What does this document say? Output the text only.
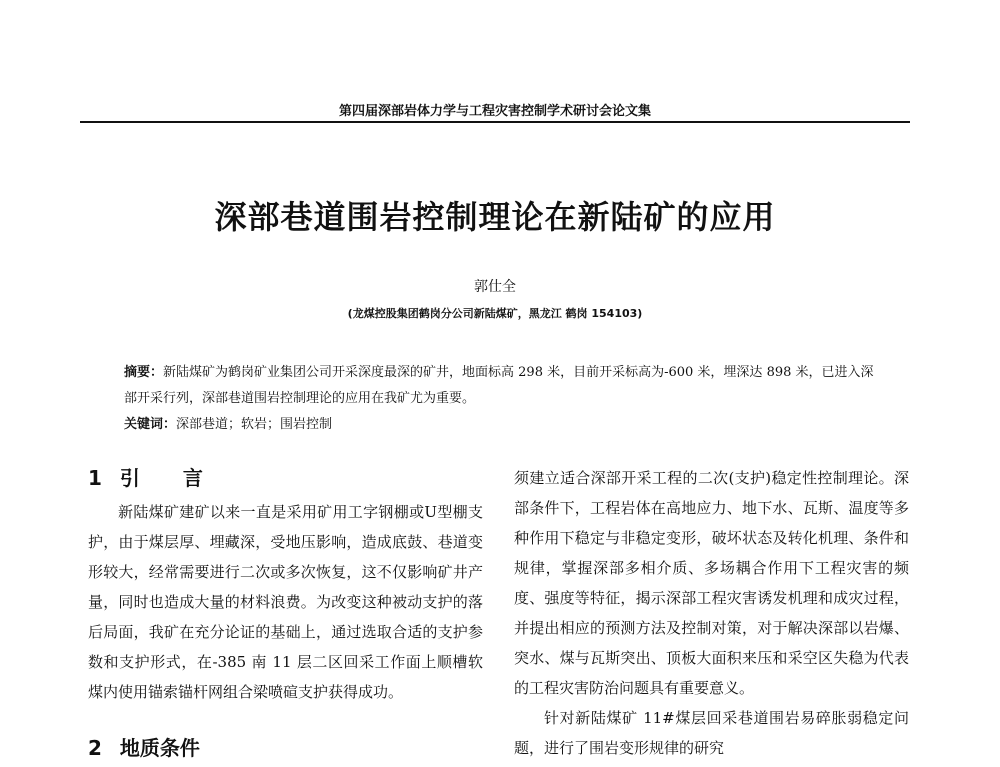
第四届深部岩体力学与工程灾害控制学术研讨会论文集
深部巷道围岩控制理论在新陆矿的应用
郭仕全
(龙煤控股集团鹤岗分公司新陆煤矿，黑龙江 鹤岗 154103)
摘要：新陆煤矿为鹤岗矿业集团公司开采深度最深的矿井，地面标高 298 米，目前开采标高为-600 米，埋深达 898 米，已进入深部开采行列，深部巷道围岩控制理论的应用在我矿尤为重要。
关键词：深部巷道；软岩；围岩控制
1 引 言

新陆煤矿建矿以来一直是采用矿用工字钢棚或U型棚支护，由于煤层厚、埋藏深，受地压影响，造成底鼓、巷道变形较大，经常需要进行二次或多次恢复，这不仅影响矿井产量，同时也造成大量的材料浪费。为改变这种被动支护的落后局面，我矿在充分论证的基础上，通过选取合适的支护参数和支护形式，在-385 南 11 层二区回采工作面上顺槽软煤内使用锚索锚杆网组合梁喷碹支护获得成功。

2 地质条件

须建立适合深部开采工程的二次(支护)稳定性控制理论。深部条件下，工程岩体在高地应力、地下水、瓦斯、温度等多种作用下稳定与非稳定变形，破坏状态及转化机理、条件和规律，掌握深部多相介质、多场耦合作用下工程灾害的频度、强度等特征，揭示深部工程灾害诱发机理和成灾过程，并提出相应的预测方法及控制对策，对于解决深部以岩爆、突水、煤与瓦斯突出、顶板大面积来压和采空区失稳为代表的工程灾害防治问题具有重要意义。

针对新陆煤矿 11#煤层回采巷道围岩易碎胀弱稳定问题，进行了围岩变形规律的研究
